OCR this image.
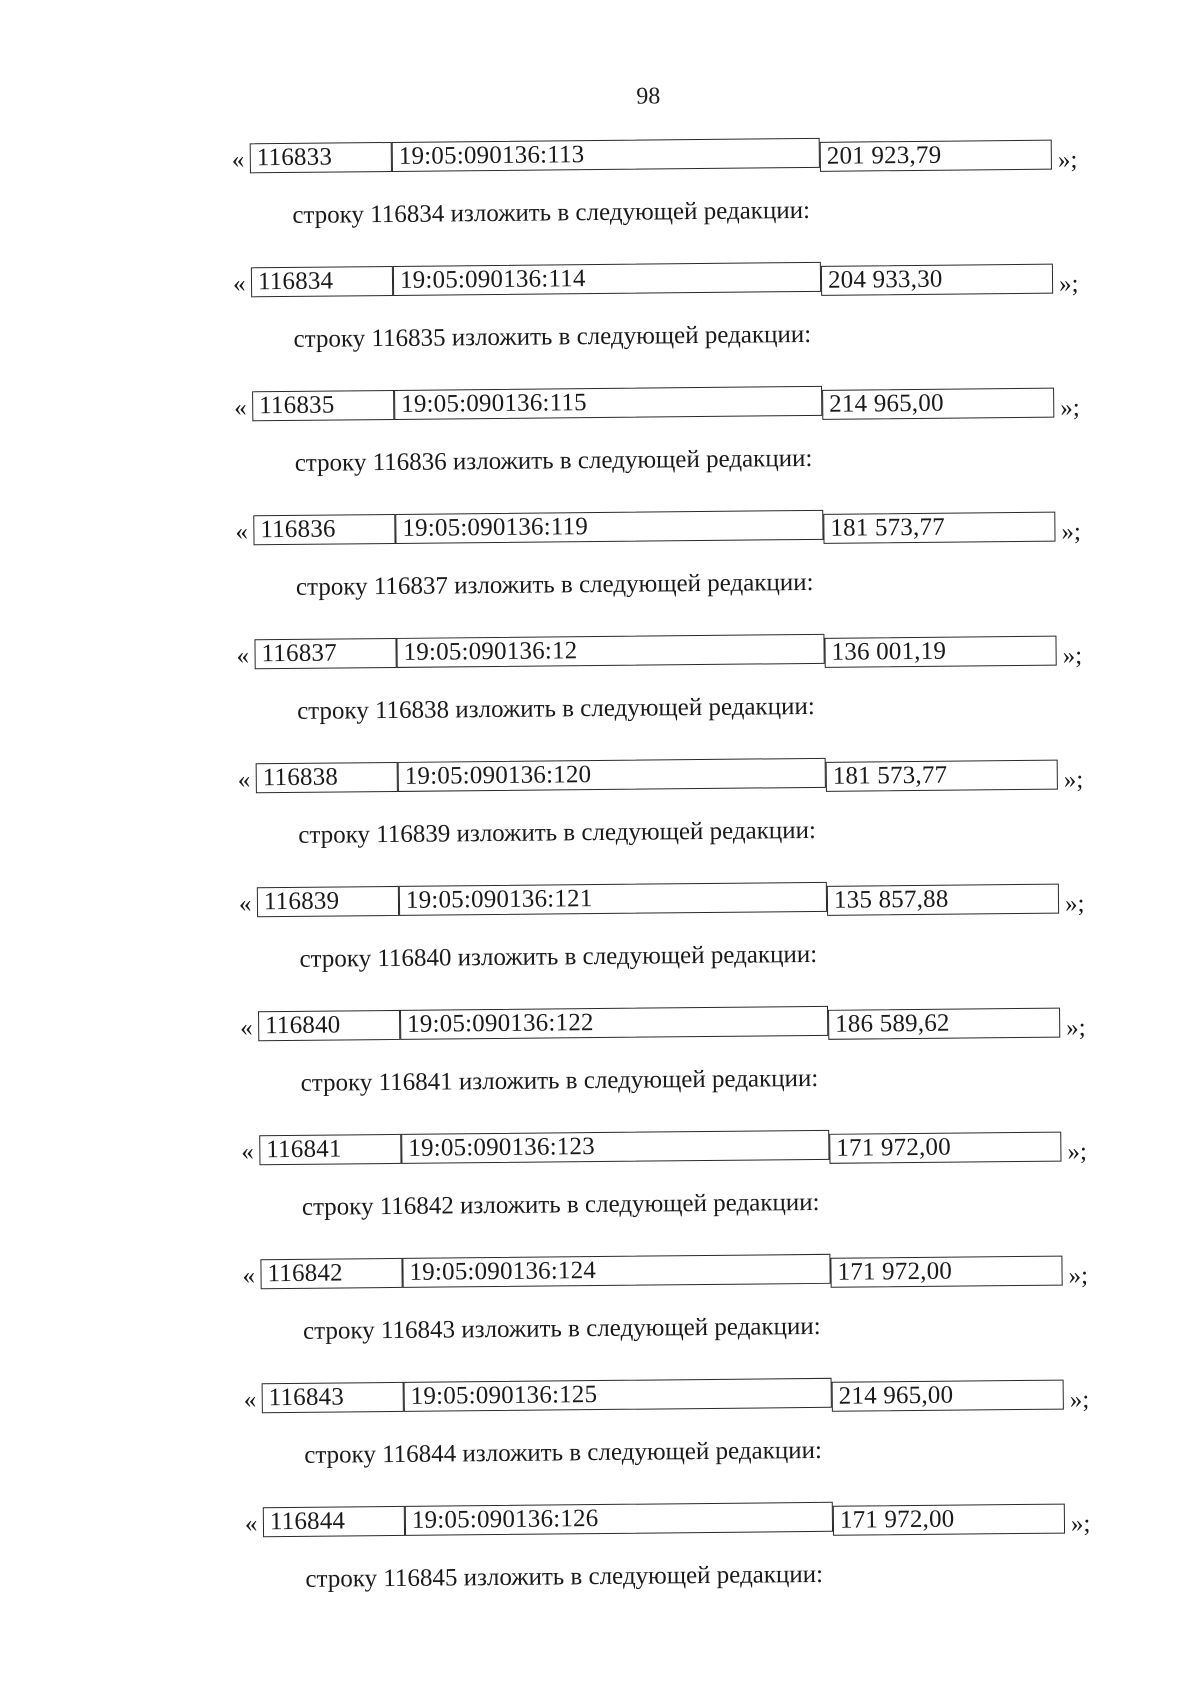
98
« 116833	19:05:090136:113	201 923,79	»;
строку 116834 изложить в следующей редакции:
« 116834	19:05:090136:114	204 933,30	»;
строку 116835 изложить в следующей редакции:
« 116835	19:05:090136:115	214 965,00	»;
строку 116836 изложить в следующей редакции:
« 116836	19:05:090136:119	181 573,77	»;
строку 116837 изложить в следующей редакции:
« 116837	19:05:090136:12	136 001,19	»;
строку 116838 изложить в следующей редакции:
« 116838	19:05:090136:120	181 573,77	»;
строку 116839 изложить в следующей редакции:
« 116839	19:05:090136:121	135 857,88	»;
строку 116840 изложить в следующей редакции:
« 116840	19:05:090136:122	186 589,62	»;
строку 116841 изложить в следующей редакции:
« 116841	19:05:090136:123	171 972,00	»;
строку 116842 изложить в следующей редакции:
« 116842	19:05:090136:124	171 972,00	»;
строку 116843 изложить в следующей редакции:
« 116843	19:05:090136:125	214 965,00	»;
строку 116844 изложить в следующей редакции:
« 116844	19:05:090136:126	171 972,00	»;
строку 116845 изложить в следующей редакции:
